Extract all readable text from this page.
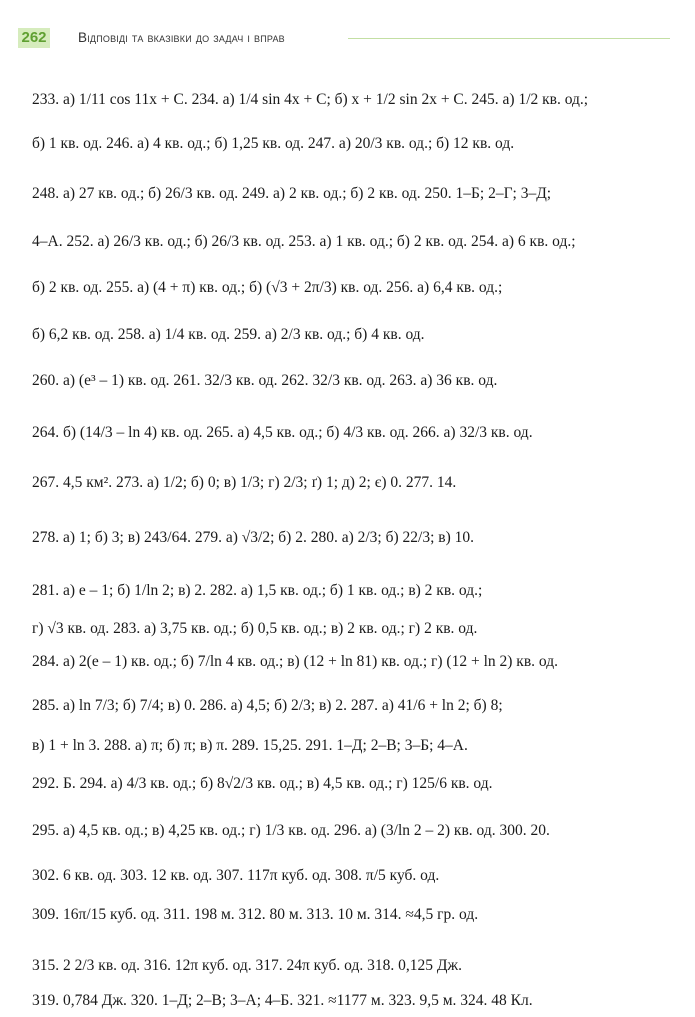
262 Відповіді та вказівки до задач і вправ
233. а) 1/11 cos 11x + C. 234. а) 1/4 sin 4x + C; б) x + 1/2 sin 2x + C. 245. а) 1/2 кв. од.;
б) 1 кв. од. 246. а) 4 кв. од.; б) 1,25 кв. од. 247. а) 20/3 кв. од.; б) 12 кв. од.
248. а) 27 кв. од.; б) 26/3 кв. од. 249. а) 2 кв. од.; б) 2 кв. од. 250. 1–Б; 2–Г; 3–Д;
4–А. 252. а) 26/3 кв. од.; б) 26/3 кв. од. 253. а) 1 кв. од.; б) 2 кв. од. 254. а) 6 кв. од.;
б) 2 кв. од. 255. а) (4 + π) кв. од.; б) (√3 + 2π/3) кв. од. 256. а) 6,4 кв. од.;
б) 6,2 кв. од. 258. а) 1/4 кв. од. 259. а) 2/3 кв. од.; б) 4 кв. од.
260. а) (e³ – 1) кв. од. 261. 32/3 кв. од. 262. 32/3 кв. од. 263. а) 36 кв. од.
264. б) (14/3 – ln 4) кв. од. 265. а) 4,5 кв. од.; б) 4/3 кв. од. 266. а) 32/3 кв. од.
267. 4,5 км². 273. а) 1/2; б) 0; в) 1/3; г) 2/3; ґ) 1; д) 2; є) 0. 277. 14.
278. а) 1; б) 3; в) 243/64. 279. а) √3/2; б) 2. 280. а) 2/3; б) 22/3; в) 10.
281. а) e – 1; б) 1/ln 2; в) 2. 282. а) 1,5 кв. од.; б) 1 кв. од.; в) 2 кв. од.;
г) √3 кв. од. 283. а) 3,75 кв. од.; б) 0,5 кв. од.; в) 2 кв. од.; г) 2 кв. од.
284. а) 2(e – 1) кв. од.; б) 7/ln 4 кв. од.; в) (12 + ln 81) кв. од.; г) (12 + ln 2) кв. од.
285. а) ln 7/3; б) 7/4; в) 0. 286. а) 4,5; б) 2/3; в) 2. 287. а) 41/6 + ln 2; б) 8;
в) 1 + ln 3. 288. а) π; б) π; в) π. 289. 15,25. 291. 1–Д; 2–В; 3–Б; 4–А.
292. Б. 294. а) 4/3 кв. од.; б) 8√2/3 кв. од.; в) 4,5 кв. од.; г) 125/6 кв. од.
295. а) 4,5 кв. од.; в) 4,25 кв. од.; г) 1/3 кв. од. 296. а) (3/ln 2 – 2) кв. од. 300. 20.
302. 6 кв. од. 303. 12 кв. од. 307. 117π куб. од. 308. π/5 куб. од.
309. 16π/15 куб. од. 311. 198 м. 312. 80 м. 313. 10 м. 314. ≈4,5 гр. од.
315. 2 2/3 кв. од. 316. 12π куб. од. 317. 24π куб. од. 318. 0,125 Дж.
319. 0,784 Дж. 320. 1–Д; 2–В; 3–А; 4–Б. 321. ≈1177 м. 323. 9,5 м. 324. 48 Кл.
